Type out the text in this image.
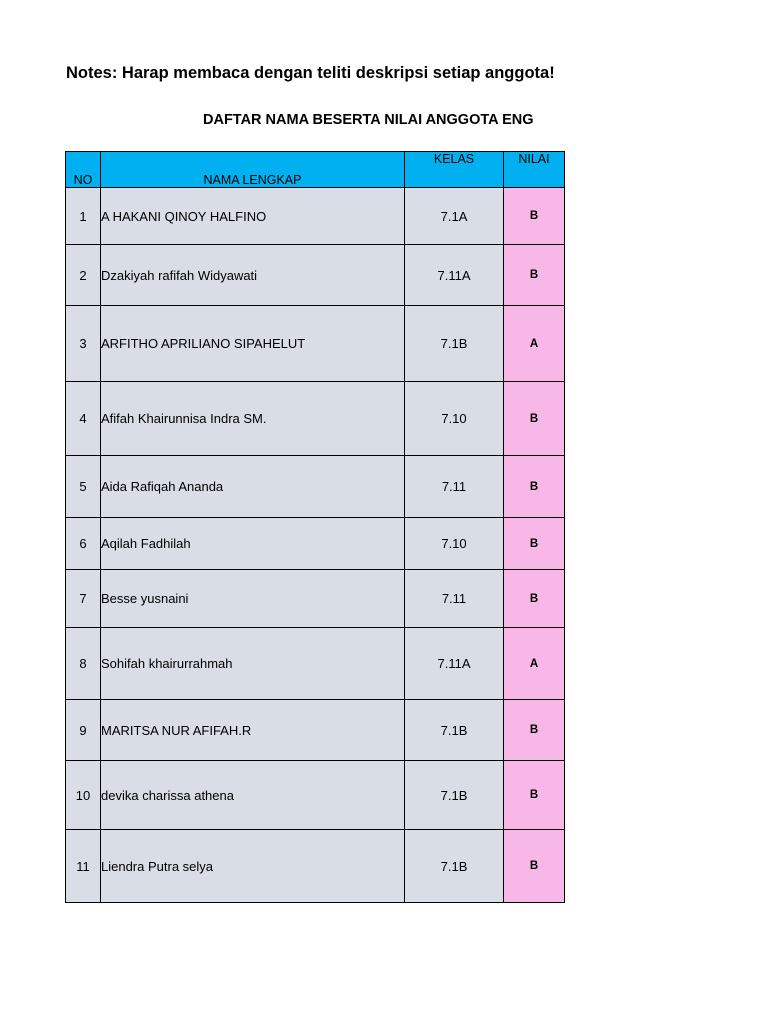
Notes: Harap membaca dengan teliti deskripsi setiap anggota!
DAFTAR NAMA BESERTA NILAI ANGGOTA ENG
NO	NAMA LENGKAP	KELAS	NILAI
1	A HAKANI QINOY HALFINO	7.1A	B
2	Dzakiyah rafifah Widyawati	7.11A	B
3	ARFITHO APRILIANO SIPAHELUT	7.1B	A
4	Afifah Khairunnisa Indra SM.	7.10	B
5	Aida Rafiqah Ananda	7.11	B
6	Aqilah Fadhilah	7.10	B
7	Besse yusnaini	7.11	B
8	Sohifah khairurrahmah	7.11A	A
9	MARITSA NUR AFIFAH.R	7.1B	B
10	devika charissa athena	7.1B	B
11	Liendra Putra selya	7.1B	B
